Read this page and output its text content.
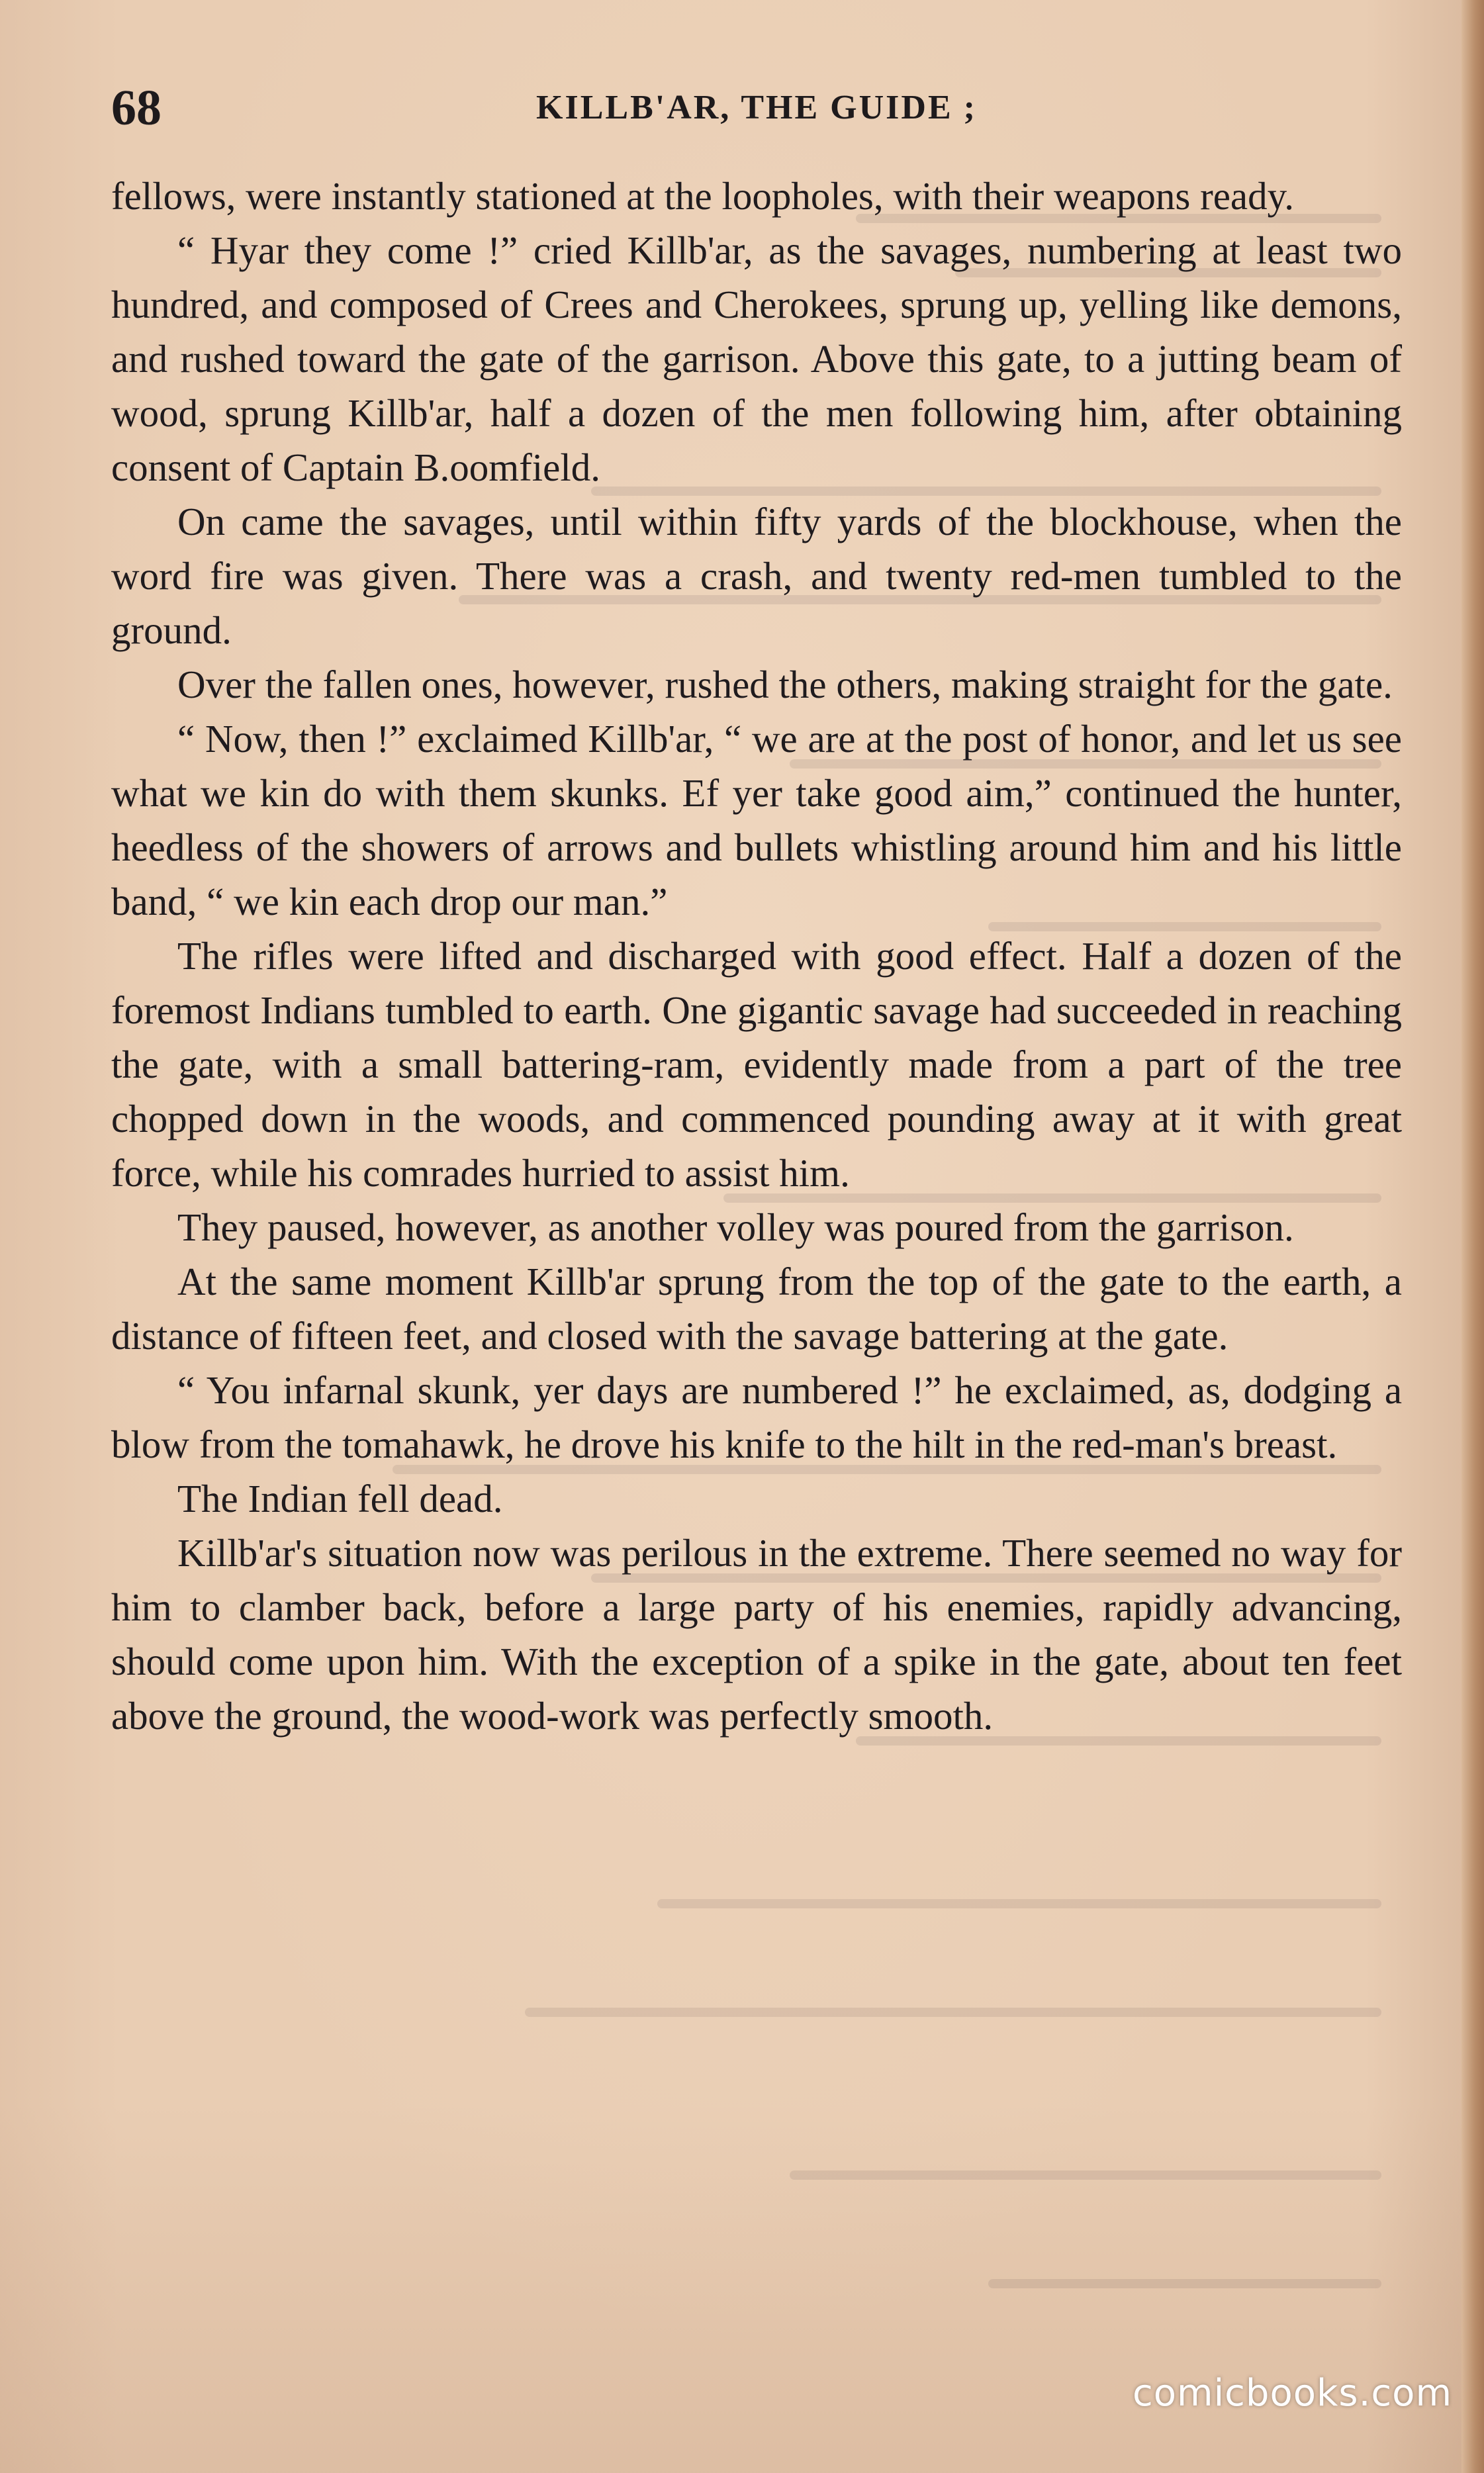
68	KILLB'AR, THE GUIDE ;

fellows, were instantly stationed at the loopholes, with their weapons ready.

“ Hyar they come !” cried Killb'ar, as the savages, numbering at least two hundred, and composed of Crees and Cherokees, sprung up, yelling like demons, and rushed toward the gate of the garrison. Above this gate, to a jutting beam of wood, sprung Killb'ar, half a dozen of the men following him, after obtaining consent of Captain B.oomfield.

On came the savages, until within fifty yards of the blockhouse, when the word fire was given. There was a crash, and twenty red-men tumbled to the ground.

Over the fallen ones, however, rushed the others, making straight for the gate.

“ Now, then !” exclaimed Killb'ar, “ we are at the post of honor, and let us see what we kin do with them skunks. Ef yer take good aim,” continued the hunter, heedless of the showers of arrows and bullets whistling around him and his little band, “ we kin each drop our man.”

The rifles were lifted and discharged with good effect. Half a dozen of the foremost Indians tumbled to earth. One gigantic savage had succeeded in reaching the gate, with a small battering-ram, evidently made from a part of the tree chopped down in the woods, and commenced pounding away at it with great force, while his comrades hurried to assist him.

They paused, however, as another volley was poured from the garrison.

At the same moment Killb'ar sprung from the top of the gate to the earth, a distance of fifteen feet, and closed with the savage battering at the gate.

“ You infarnal skunk, yer days are numbered !” he exclaimed, as, dodging a blow from the tomahawk, he drove his knife to the hilt in the red-man's breast.

The Indian fell dead.

Killb'ar's situation now was perilous in the extreme. There seemed no way for him to clamber back, before a large party of his enemies, rapidly advancing, should come upon him. With the exception of a spike in the gate, about ten feet above the ground, the wood-work was perfectly smooth.

comicbooks.com
